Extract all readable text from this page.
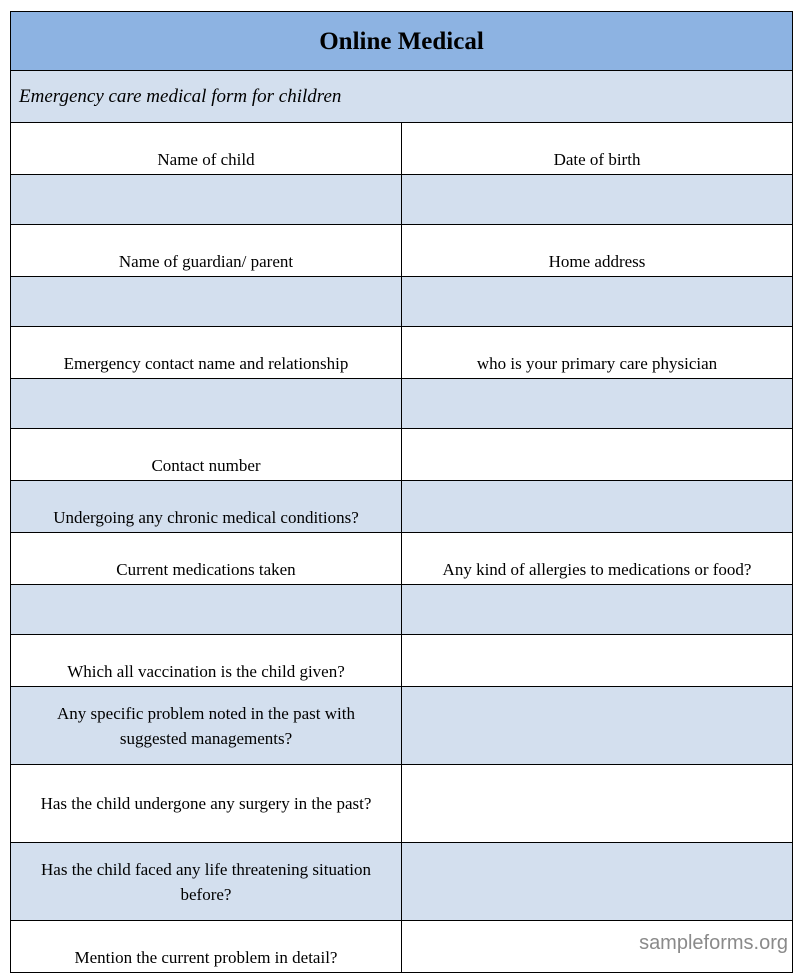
Online Medical	
Emergency care medical form for children	
Name of child	Date of birth

Name of guardian/ parent	Home address

Emergency contact name and relationship	who is your primary care physician

Contact number	
Undergoing any chronic medical conditions?	
Current medications taken	Any kind of allergies to medications or food?

Which all vaccination is the child given?	
Any specific problem noted in the past with suggested managements?	
Has the child undergone any surgery in the past?	
Has the child faced any life threatening situation before?	
Mention the current problem in detail?	
sampleforms.org
